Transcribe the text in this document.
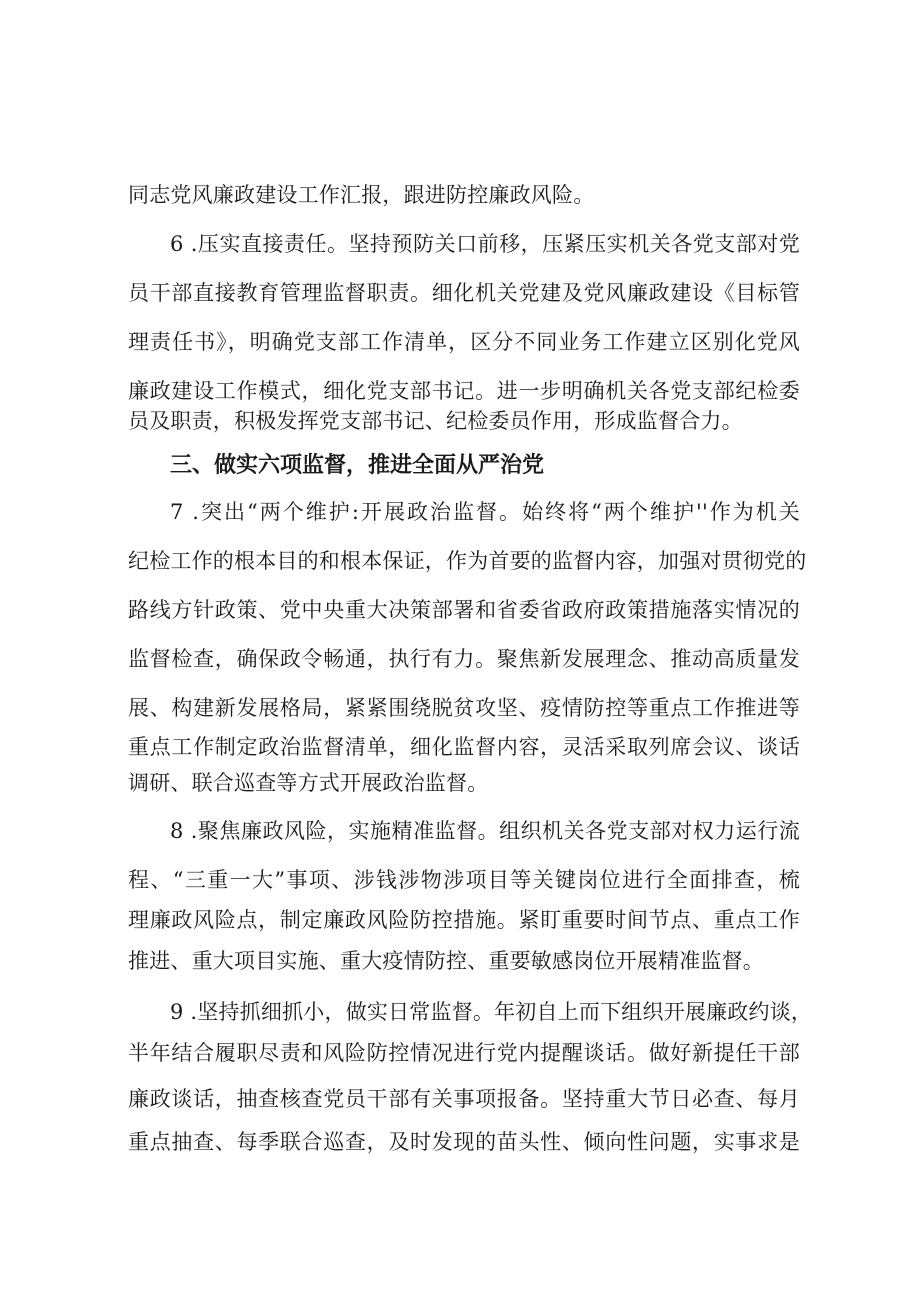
同志党风廉政建设工作汇报，跟进防控廉政风险。
6 .压实直接责任。坚持预防关口前移，压紧压实机关各党支部对党
员干部直接教育管理监督职责。细化机关党建及党风廉政建设《目标管
理责任书》，明确党支部工作清单，区分不同业务工作建立区别化党风
廉政建设工作模式，细化党支部书记。进一步明确机关各党支部纪检委
员及职责，积极发挥党支部书记、纪检委员作用，形成监督合力。
三、做实六项监督，推进全面从严治党
7 .突出“两个维护:开展政治监督。始终将“两个维护''作为机关
纪检工作的根本目的和根本保证，作为首要的监督内容，加强对贯彻党的
路线方针政策、党中央重大决策部署和省委省政府政策措施落实情况的
监督检查，确保政令畅通，执行有力。聚焦新发展理念、推动高质量发
展、构建新发展格局，紧紧围绕脱贫攻坚、疫情防控等重点工作推进等
重点工作制定政治监督清单，细化监督内容，灵活采取列席会议、谈话
调研、联合巡查等方式开展政治监督。
8 .聚焦廉政风险，实施精准监督。组织机关各党支部对权力运行流
程、“三重一大”事项、涉钱涉物涉项目等关键岗位进行全面排查，梳
理廉政风险点，制定廉政风险防控措施。紧盯重要时间节点、重点工作
推进、重大项目实施、重大疫情防控、重要敏感岗位开展精准监督。
9 .坚持抓细抓小，做实日常监督。年初自上而下组织开展廉政约谈，
半年结合履职尽责和风险防控情况进行党内提醒谈话。做好新提任干部
廉政谈话，抽查核查党员干部有关事项报备。坚持重大节日必查、每月
重点抽查、每季联合巡查，及时发现的苗头性、倾向性问题，实事求是
